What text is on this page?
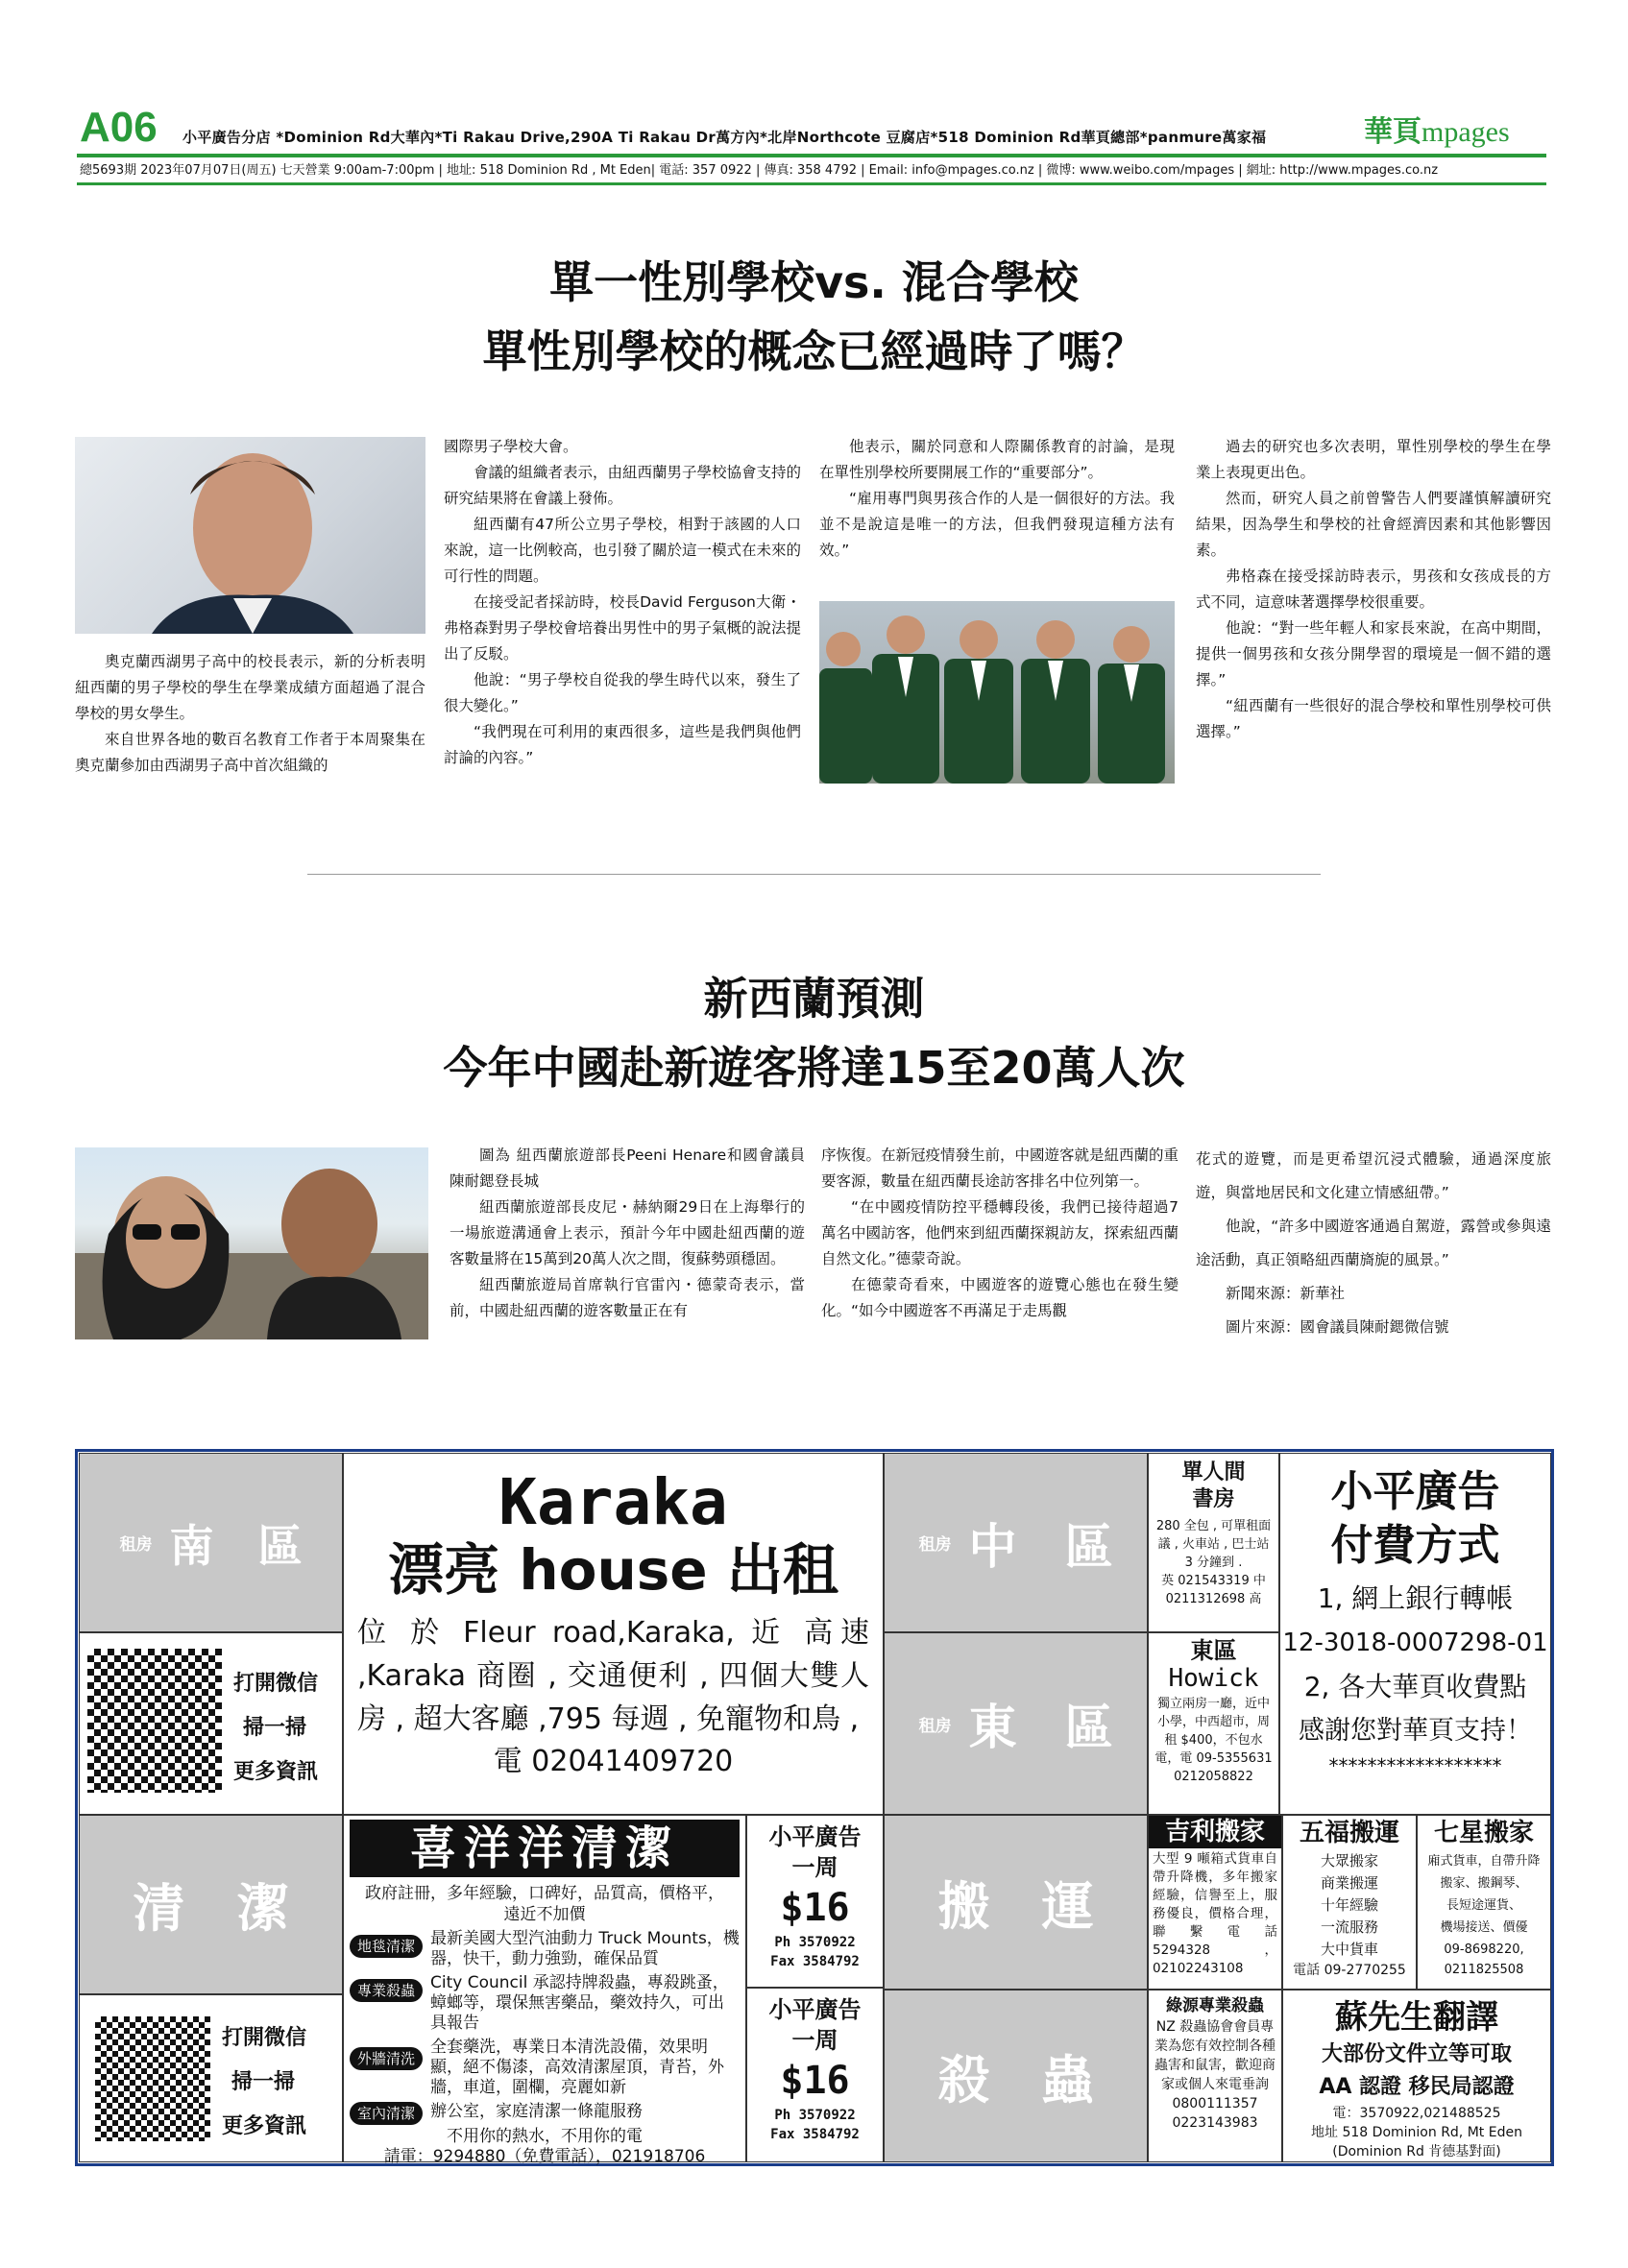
A06 小平廣告分店 *Dominion Rd大華內*Ti Rakau Drive,290A Ti Rakau Dr萬方內*北岸Northcote 豆腐店*518 Dominion Rd華頁總部*panmure萬家福	華頁mpages
總5693期 2023年07月07日(周五) 七天營業 9:00am-7:00pm | 地址: 518 Dominion Rd , Mt Eden| 電話: 357 0922 | 傳真: 358 4792 | Email: info@mpages.co.nz | 微博: www.weibo.com/mpages | 網址: http://www.mpages.co.nz
單一性別學校vs. 混合學校
單性別學校的概念已經過時了嗎？

奧克蘭西湖男子高中的校長表示，新的分析表明紐西蘭的男子學校的學生在學業成績方面超過了混合學校的男女學生。

來自世界各地的數百名教育工作者于本周聚集在奧克蘭參加由西湖男子高中首次組織的

國際男子學校大會。

會議的組織者表示，由紐西蘭男子學校協會支持的研究結果將在會議上發佈。

紐西蘭有47所公立男子學校，相對于該國的人口來說，這一比例較高，也引發了關於這一模式在未來的可行性的問題。

在接受記者採訪時，校長David Ferguson大衛・弗格森對男子學校會培養出男性中的男子氣概的說法提出了反駁。

他說：“男子學校自從我的學生時代以來，發生了很大變化。”

“我們現在可利用的東西很多，這些是我們與他們討論的內容。”

他表示，關於同意和人際關係教育的討論，是現在單性別學校所要開展工作的“重要部分”。

“雇用專門與男孩合作的人是一個很好的方法。我並不是說這是唯一的方法，但我們發現這種方法有效。”

過去的研究也多次表明，單性別學校的學生在學業上表現更出色。

然而，研究人員之前曾警告人們要謹慎解讀研究結果，因為學生和學校的社會經濟因素和其他影響因素。

弗格森在接受採訪時表示，男孩和女孩成長的方式不同，這意味著選擇學校很重要。

他說：“對一些年輕人和家長來說，在高中期間，提供一個男孩和女孩分開學習的環境是一個不錯的選擇。”

“紐西蘭有一些很好的混合學校和單性別學校可供選擇。”

新西蘭預測
今年中國赴新遊客將達15至20萬人次

圖為 紐西蘭旅遊部長Peeni Henare和國會議員陳耐鍶登長城

紐西蘭旅遊部長皮尼・赫納爾29日在上海舉行的一場旅遊溝通會上表示，預計今年中國赴紐西蘭的遊客數量將在15萬到20萬人次之間，復蘇勢頭穩固。

紐西蘭旅遊局首席執行官雷內・德蒙奇表示，當前，中國赴紐西蘭的遊客數量正在有

序恢復。在新冠疫情發生前，中國遊客就是紐西蘭的重要客源，數量在紐西蘭長途訪客排名中位列第一。

“在中國疫情防控平穩轉段後，我們已接待超過7萬名中國訪客，他們來到紐西蘭探親訪友，探索紐西蘭自然文化。”德蒙奇說。

在德蒙奇看來，中國遊客的遊覽心態也在發生變化。“如今中國遊客不再滿足于走馬觀

花式的遊覽，而是更希望沉浸式體驗，通過深度旅遊，與當地居民和文化建立情感紐帶。”

他說，“許多中國遊客通過自駕遊，露營或參與遠途活動，真正領略紐西蘭旖旎的風景。”

新聞來源：新華社

圖片來源：國會議員陳耐鍶微信號

租房 南　區
打開微信
掃一掃
更多資訊
Karaka
漂亮 house 出租
位 於 Fleur road,Karaka, 近 高速 ,Karaka 商圈 , 交通便利 , 四個大雙人房 , 超大客廳 ,795 每週 , 免寵物和鳥 ,
電 02041409720
租房 中　區
單人間書房
280 全包 , 可單租面議 , 火車站 , 巴士站 3 分鐘到 .
英 021543319 中 0211312698 高
租房 東　區
東區
Howick
獨立兩房一廳，近中小學，中西超市，周租 $400，不包水電，電 09-5355631 0212058822
小平廣告
付費方式
1, 網上銀行轉帳
12-3018-0007298-01
2, 各大華頁收費點
感謝您對華頁支持！
******************
清　潔
打開微信
掃一掃
更多資訊
喜洋洋清潔
政府註冊，多年經驗，口碑好，品質高，價格平，遠近不加價
地毯清潔 最新美國大型汽油動力 Truck Mounts，機器，快干，動力強勁，確保品質
專業殺蟲 City Council 承認持牌殺蟲，專殺跳蚤，蟑螂等，環保無害藥品，藥效持久，可出具報告
外牆清洗
全套藥洗，專業日本清洗設備，效果明顯，絕不傷漆，高效清潔屋頂，青苔，外牆，車道，圍欄，亮麗如新
室內清潔 辦公室，家庭清潔一條龍服務
不用你的熱水，不用你的電
請電：9294880（免費電話），021918706
小平廣告
一周
$16
Ph 3570922
Fax 3584792
小平廣告
一周
$16
Ph 3570922
Fax 3584792
搬　運
吉利搬家
大型 9 噸箱式貨車自帶升降機，多年搬家經驗，信譽至上，服務優良，價格合理，聯繫電話 5294328，02102243108
五福搬運
大眾搬家
商業搬運
十年經驗
一流服務
大中貨車
電話 09-2770255
七星搬家
廂式貨車，自帶升降
搬家、搬鋼琴、
長短途運貨、
機場接送、價優
09-8698220,
0211825508
殺　蟲
綠源專業殺蟲
NZ 殺蟲協會會員專業為您有效控制各種蟲害和鼠害，歡迎商家或個人來電垂詢
0800111357
0223143983
蘇先生翻譯
大部份文件立等可取
AA 認證 移民局認證
電：3570922,021488525
地址 518 Dominion Rd, Mt Eden
(Dominion Rd 肯德基對面)
